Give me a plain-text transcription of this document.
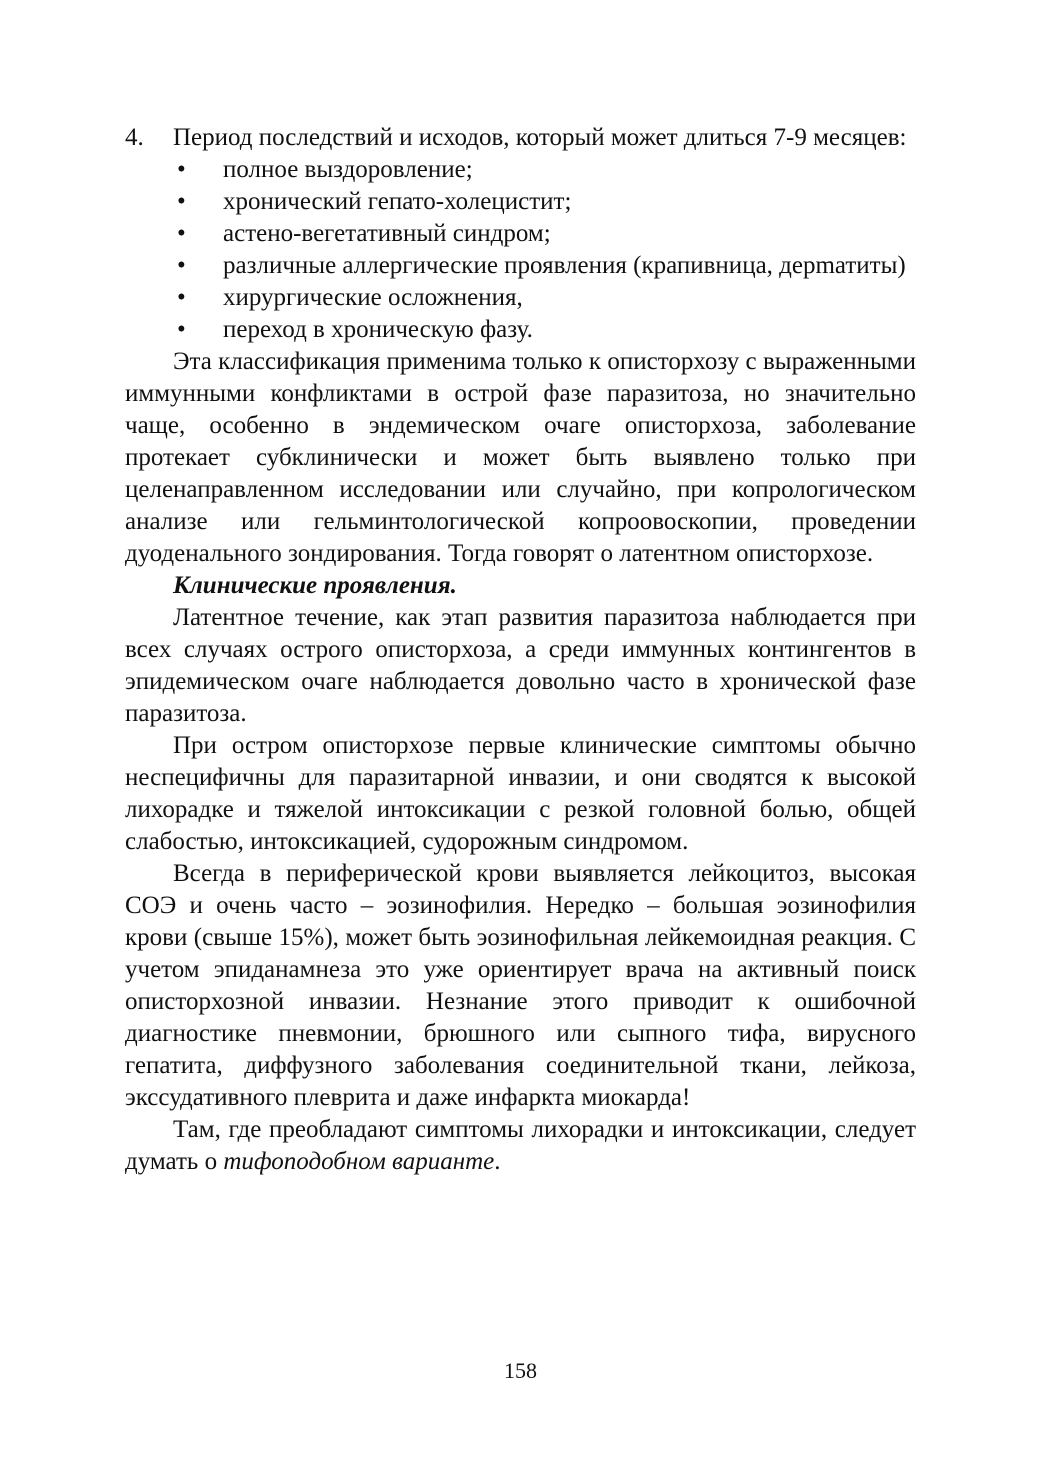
4. Период последствий и исходов, который может длиться 7-9 месяцев:
• полное выздоровление;
• хронический гепато-холецистит;
• астено-вегетативный синдром;
• различные аллергические проявления (крапивница, дерmатиты)
• хирургические осложнения,
• переход в хроническую фазу.

Эта классификация применима только к описторхозу с выраженными иммунными конфликтами в острой фазе паразитоза, но значительно чаще, особенно в эндемическом очаге описторхоза, заболевание протекает субклинически и может быть выявлено только при целенаправленном исследовании или случайно, при копрологическом анализе или гельминтологической копроовоскопии, проведении дуоденального зондирования. Тогда говорят о латентном описторхозе.

Клинические проявления.

Латентное течение, как этап развития паразитоза наблюдается при всех случаях острого описторхоза, а среди иммунных контингентов в эпидемическом очаге наблюдается довольно часто в хронической фазе паразитоза.

При остром описторхозе первые клинические симптомы обычно неспецифичны для паразитарной инвазии, и они сводятся к высокой лихорадке и тяжелой интоксикации с резкой головной болью, общей слабостью, интоксикацией, судорожным синдромом.

Всегда в периферической крови выявляется лейкоцитоз, высокая СОЭ и очень часто – эозинофилия. Нередко – большая эозинофилия крови (свыше 15%), может быть эозинофильная лейкемоидная реакция. С учетом эпиданамнеза это уже ориентирует врача на активный поиск описторхозной инвазии. Незнание этого приводит к ошибочной диагностике пневмонии, брюшного или сыпного тифа, вирусного гепатита, диффузного заболевания соединительной ткани, лейкоза, экссудативного плеврита и даже инфаркта миокарда!

Там, где преобладают симптомы лихорадки и интоксикации, следует думать о тифоподобном варианте.

158
